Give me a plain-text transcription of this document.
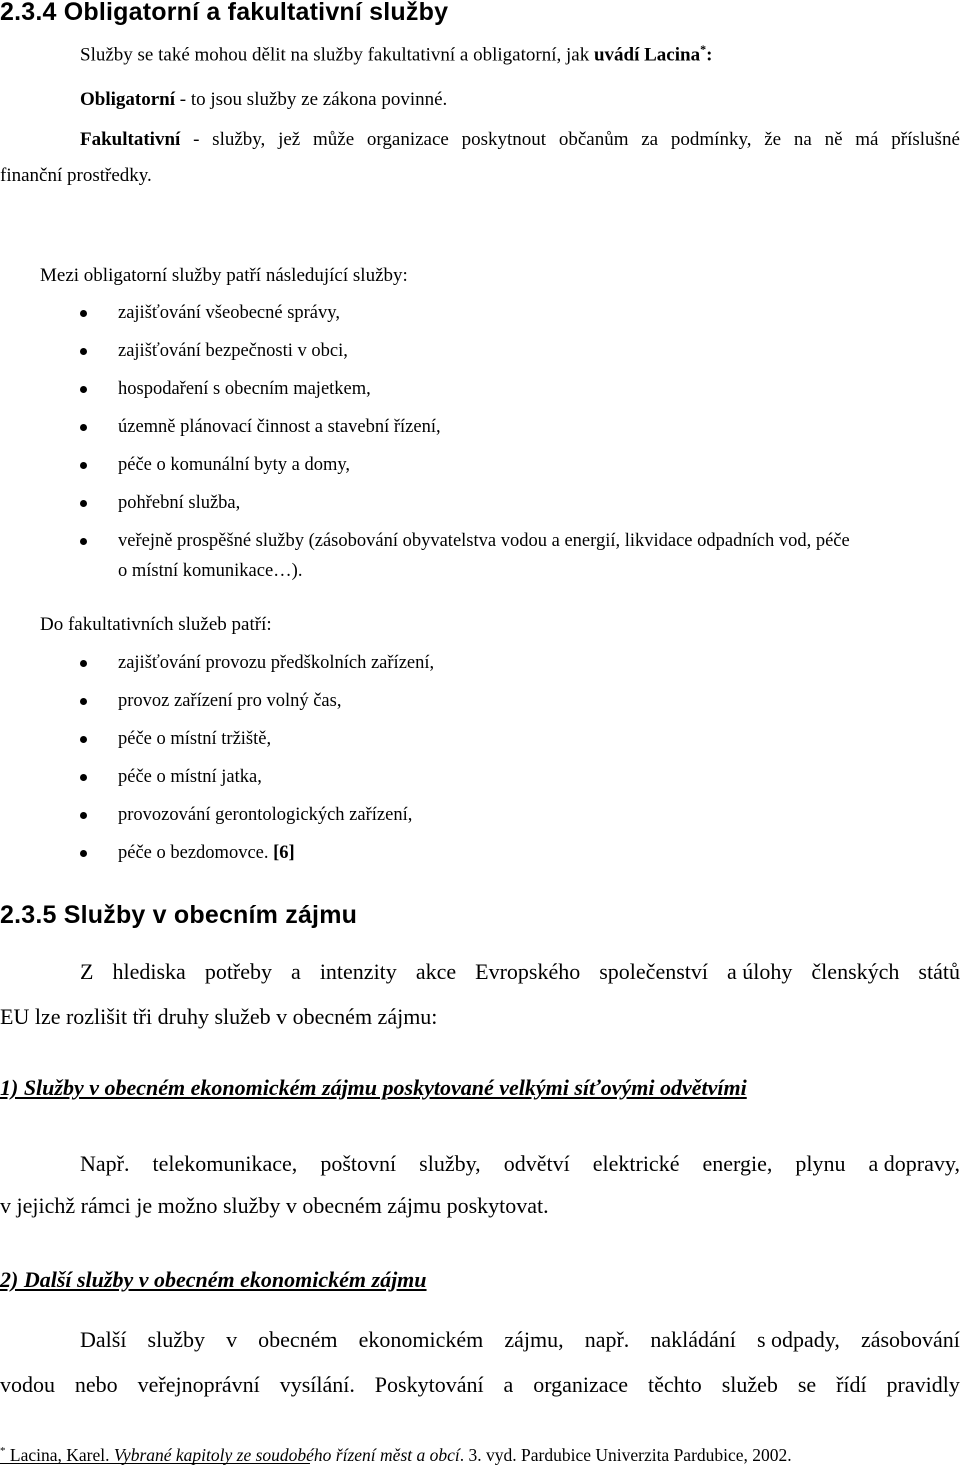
2.3.4 Obligatorní a fakultativní služby
Služby se také mohou dělit na služby fakultativní a obligatorní, jak uvádí Lacina*:
Obligatorní - to jsou služby ze zákona povinné.
Fakultativní - služby, jež může organizace poskytnout občanům za podmínky, že na ně má příslušné
finanční prostředky.
Mezi obligatorní služby patří následující služby:
zajišťování všeobecné správy,
zajišťování bezpečnosti v obci,
hospodaření s obecním majetkem,
územně plánovací činnost a stavební řízení,
péče o komunální byty a domy,
pohřební služba,
veřejně prospěšné služby (zásobování obyvatelstva vodou a energií, likvidace odpadních vod, péče
o místní komunikace…).
Do fakultativních služeb patří:
zajišťování provozu předškolních zařízení,
provoz zařízení pro volný čas,
péče o místní tržiště,
péče o místní jatka,
provozování gerontologických zařízení,
péče o bezdomovce. [6]
2.3.5 Služby v obecním zájmu
Z hlediska potřeby a intenzity akce Evropského společenství a úlohy členských států
EU lze rozlišit tři druhy služeb v obecném zájmu:
1) Služby v obecném ekonomickém zájmu poskytované velkými síťovými odvětvími
Např. telekomunikace, poštovní služby, odvětví elektrické energie, plynu a dopravy,
v jejichž rámci je možno služby v obecném zájmu poskytovat.
2) Další služby v obecném ekonomickém zájmu
Další služby v obecném ekonomickém zájmu, např. nakládání s odpady, zásobování
vodou nebo veřejnoprávní vysílání. Poskytování a organizace těchto služeb se řídí pravidly
* Lacina, Karel. Vybrané kapitoly ze soudobého řízení měst a obcí. 3. vyd. Pardubice Univerzita Pardubice, 2002.
